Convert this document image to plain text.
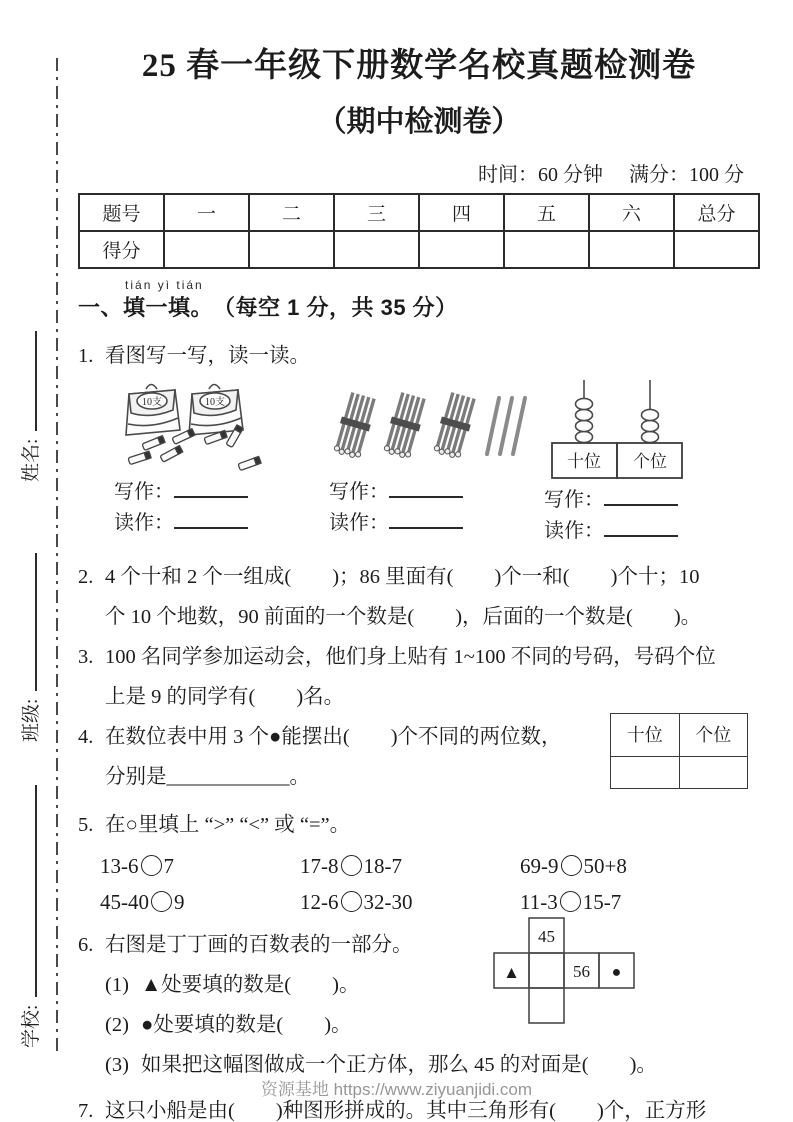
姓名:
班级:
学校:
25 春一年级下册数学名校真题检测卷
（期中检测卷）
时间：60 分钟 满分：100 分
题号	一	二	三	四	五	六	总分
得分							
一、
tián yì tián
填一填。（每空 1 分，共 35 分）
1. 看图写一写，读一读。
10支	10支
写作：
读作：
写作：
读作：
十位 个位
写作：
读作：
2. 4 个十和 2 个一组成(　　)；86 里面有(　　)个一和(　　)个十；10
个 10 个地数，90 前面的一个数是(　　)，后面的一个数是(　　)。
3. 100 名同学参加运动会，他们身上贴有 1~100 不同的号码，号码个位
上是 9 的同学有(　　)名。
4. 在数位表中用 3 个●能摆出(　　)个不同的两位数，
分别是____________。
十位	个位

5. 在○里填上 “>” “<” 或 “=”。
13-6 7	17-8 18-7	69-9 50+8
45-40 9	12-6 32-30	11-3 15-7
6. 右图是丁丁画的百数表的一部分。
(1) ▲处要填的数是(　　)。
(2) ●处要填的数是(　　)。
(3) 如果把这幅图做成一个正方体，那么 45 的对面是(　　)。
45
▲	56 ●
7. 这只小船是由(　　)种图形拼成的。其中三角形有(　　)个，正方形
资源基地 https://www.ziyuanjidi.com
